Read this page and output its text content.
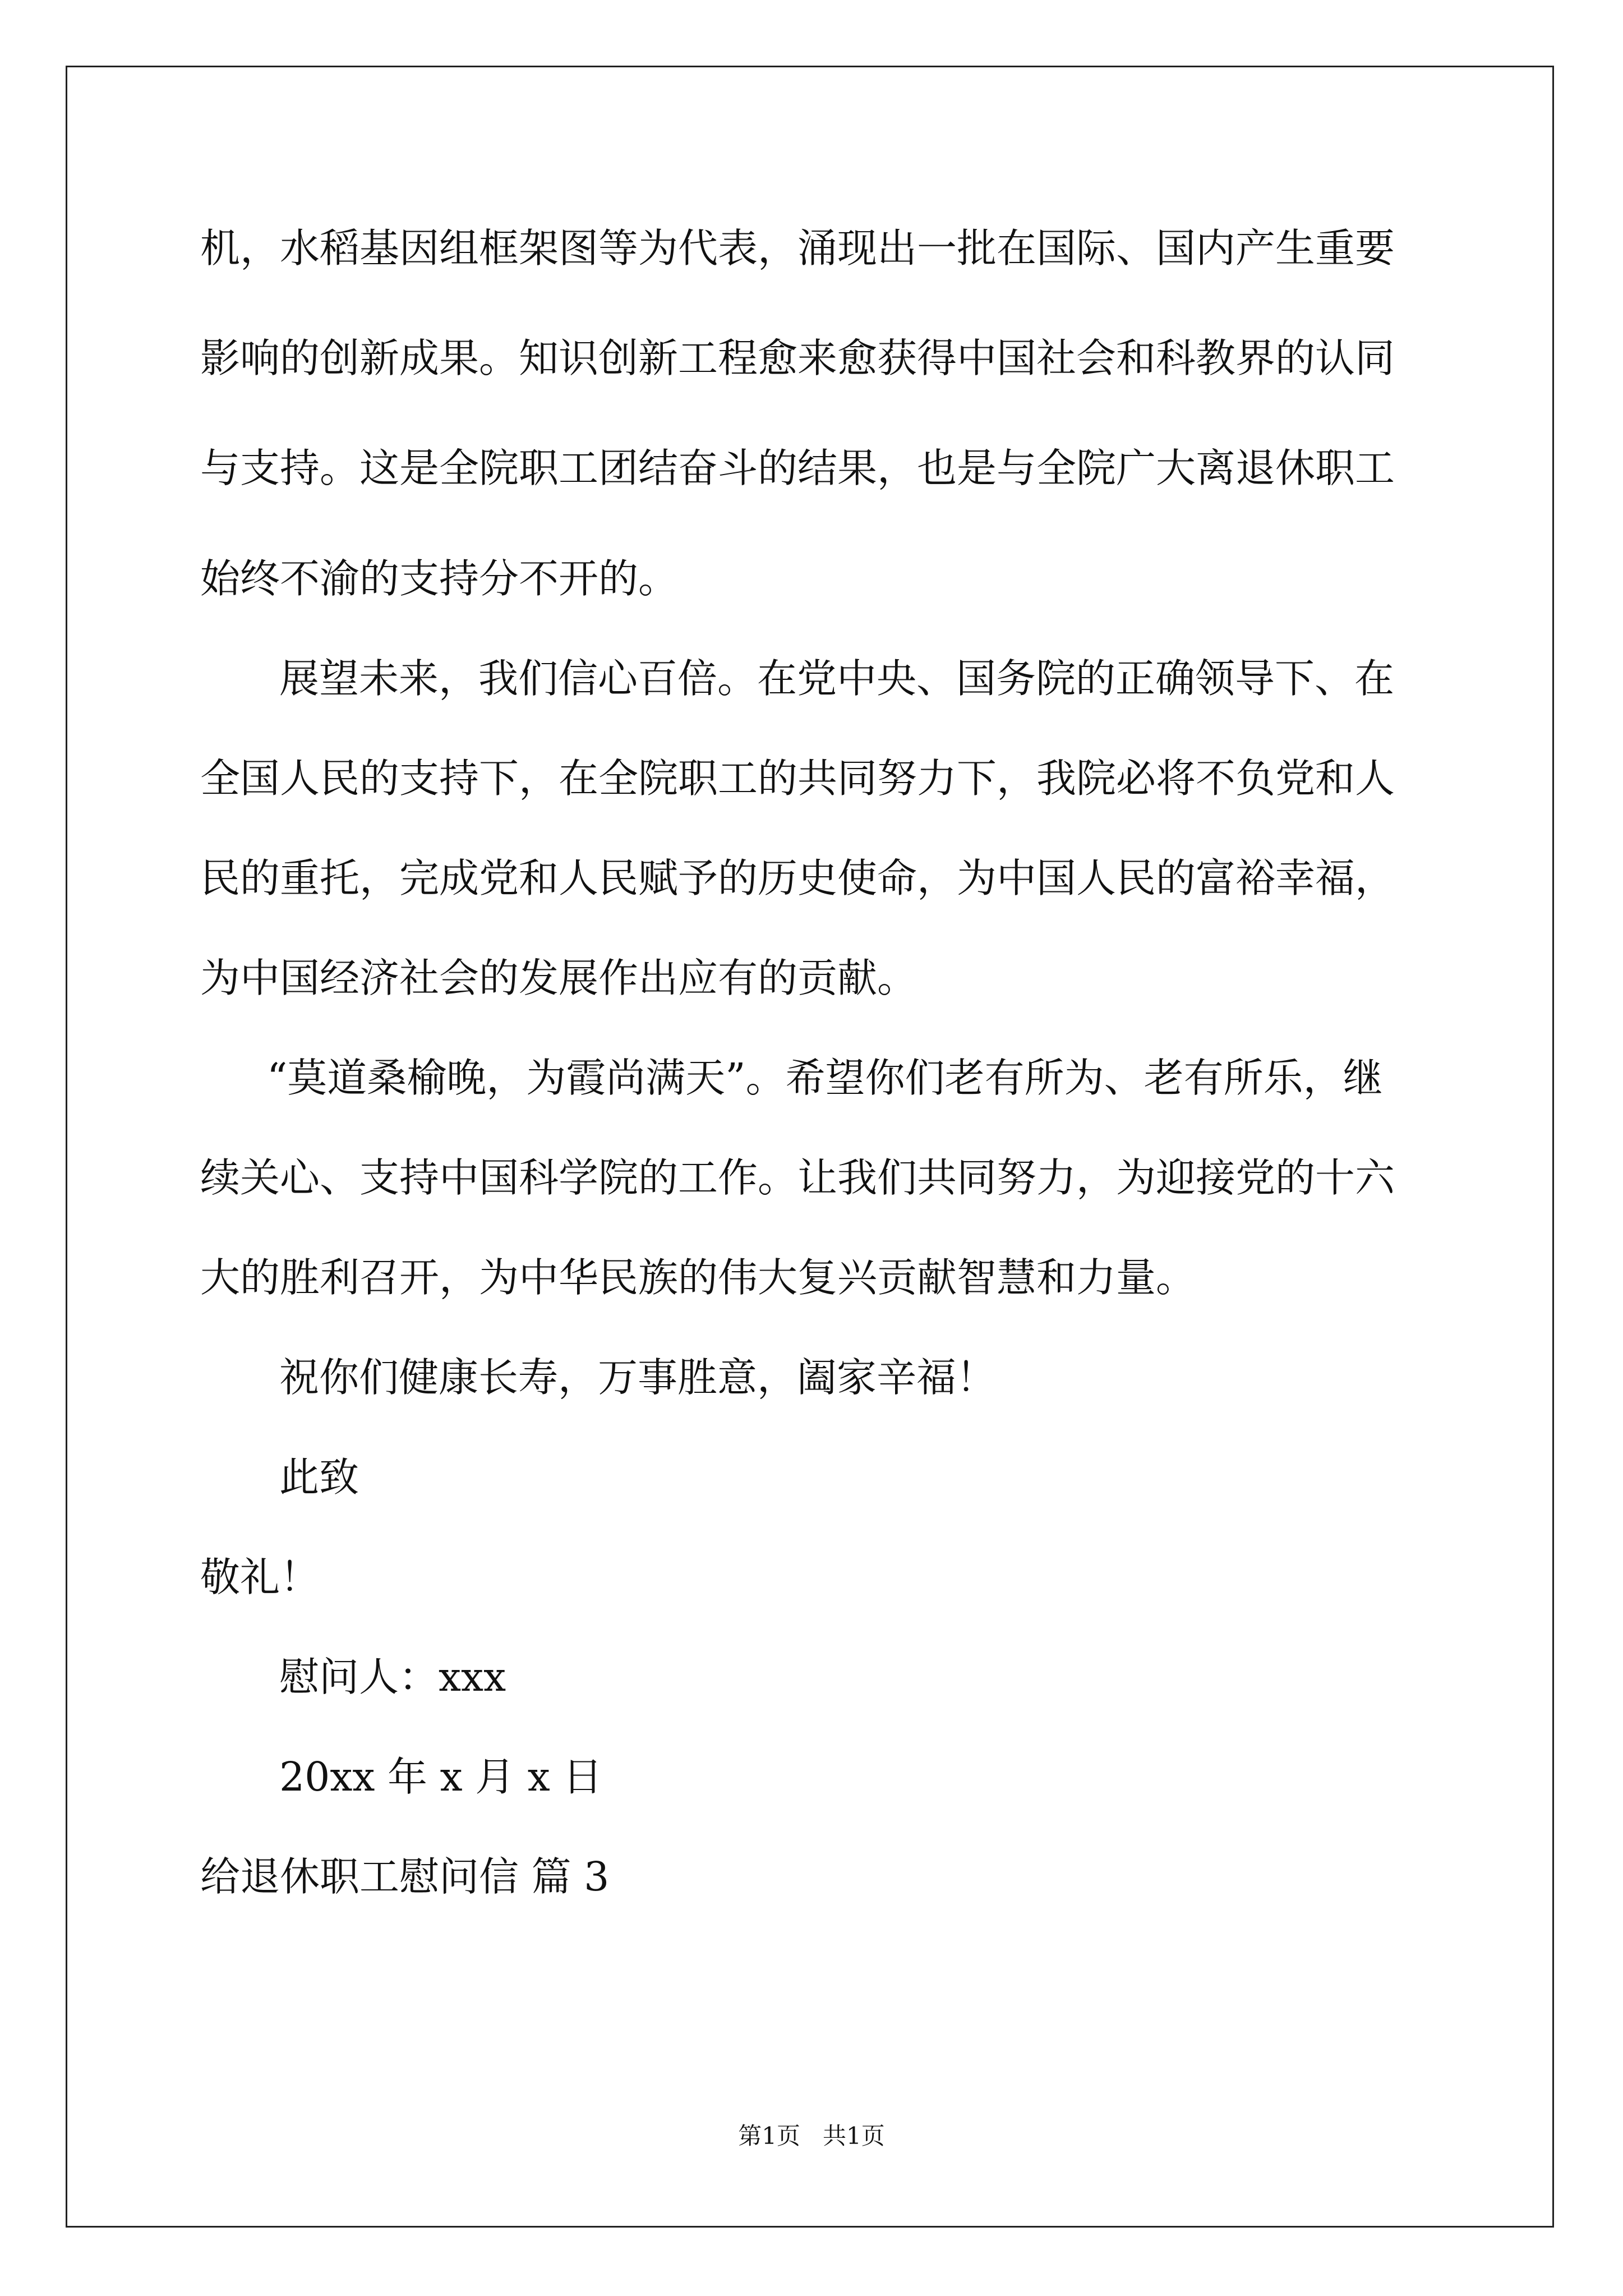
机，水稻基因组框架图等为代表，涌现出一批在国际、国内产生重要

影响的创新成果。知识创新工程愈来愈获得中国社会和科教界的认同

与支持。这是全院职工团结奋斗的结果，也是与全院广大离退休职工

始终不渝的支持分不开的。

展望未来，我们信心百倍。在党中央、国务院的正确领导下、在

全国人民的支持下，在全院职工的共同努力下，我院必将不负党和人

民的重托，完成党和人民赋予的历史使命，为中国人民的富裕幸福，

为中国经济社会的发展作出应有的贡献。

“莫道桑榆晚，为霞尚满天”。希望你们老有所为、老有所乐，继

续关心、支持中国科学院的工作。让我们共同努力，为迎接党的十六

大的胜利召开，为中华民族的伟大复兴贡献智慧和力量。

祝你们健康长寿，万事胜意，阖家辛福！

此致

敬礼！

慰问人：xxx

20xx 年 x 月 x 日

给退休职工慰问信 篇 3

第1页   共1页
